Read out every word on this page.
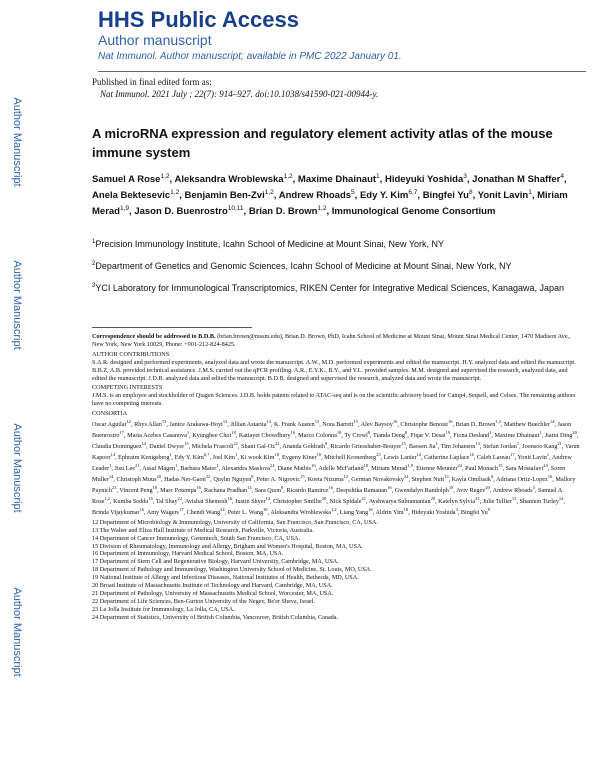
HHS Public Access
Author manuscript
Nat Immunol. Author manuscript; available in PMC 2022 January 01.
Author Manuscript
Author Manuscript
Author Manuscript
Author Manuscript
Published in final edited form as:
Nat Immunol. 2021 July ; 22(7): 914–927. doi:10.1038/s41590-021-00944-y.
A microRNA expression and regulatory element activity atlas of the mouse immune system
Samuel A Rose$^{1,2}$, Aleksandra Wroblewska$^{1,2}$, Maxime Dhainaut$^1$, Hideyuki Yoshida$^3$, Jonathan M Shaffer$^4$, Anela Bektesevic$^{1,2}$, Benjamin Ben-Zvi$^{1,2}$, Andrew Rhoads$^5$, Edy Y. Kim$^{6,7}$, Bingfei Yu$^8$, Yonit Lavin$^1$, Miriam Merad$^{1,9}$, Jason D. Buenrostro$^{10,11}$, Brian D. Brown$^{1,2}$, Immunological Genome Consortium
$^1$Precision Immunology Institute, Icahn School of Medicine at Mount Sinai, New York, NY
$^2$Department of Genetics and Genomic Sciences, Icahn School of Medicine at Mount Sinai, New York, NY
$^3$YCI Laboratory for Immunological Transcriptomics, RIKEN Center for Integrative Medical Sciences, Kanagawa, Japan

Correspondence should be addressed to B.D.B. (brian.brown@mssm.edu), Brian D. Brown, PhD, Icahn School of Medicine at Mount Sinai, Mount Sinai Medical Center, 1470 Madison Ave., New York, New York 10029, Phone: +001-212-824-8425.

AUTHOR CONTRIBUTIONS

S.A.R. designed and performed experiments, analyzed data and wrote the manuscript. A.W., M.D. performed experiments and edited the manuscript. H.Y. analyzed data and edited the manuscript. B.B.Z, A.B. provided technical assistance. J.M.S. carried out the qPCR profiling. A.R., E.Y.K., B.Y., and Y.L. provided samples. M.M. designed and supervised the research, analyzed data, and edited the manuscript. J.D.B. analyzed data and edited the manuscript. B.D.B. designed and supervised the research, analyzed data and wrote the manuscript.

COMPETING INTERESTS

J.M.S. is an employee and stockholder of Qiagen Sciences. J.D.B. holds patents related to ATAC-seq and is on the scientific advisory board for Camp4, Seqsell, and Celsee. The remaining authors have no competing interests.

CONSORTIA

Oscar Aguilar$^{12}$, Rhys Allan$^{13}$, Janice Arakawa-Hoyt$^{12}$, Jillian Astarita$^{14}$, K. Frank Austen$^{15}$, Nora Barrett$^{15}$, Alev Baysoy$^{16}$, Christophe Benoist$^{16}$, Brian D. Brown$^{1,2}$, Matthew Buechler$^{14}$, Jason Buenrostro$^{17}$, Maria Acebes Casanova$^1$, Kyunghee Choi$^{18}$, Kattayet Chowdhury$^{16}$, Marco Colonna$^{18}$, Ty Crowl$^8$, Tianda Deng$^8$, Fiqar V. Desai$^{19}$, Fiona Desland$^1$, Maxime Dhainaut$^1$, Jiarui Ding$^{20}$, Claudia Dominguez$^{14}$, Daniel Dwyer$^{15}$, Michela Frascoli$^{21}$, Shani Gal-Oz$^{22}$, Ananda Goldrath$^8$, Ricardo Griesshaber-Bouyer$^{15}$, Baosen Jia$^1$, Tim Johanson$^{13}$, Stefan Jordan$^1$, Joonsoo Kang$^{21}$, Varun Kapoor$^{14}$, Ephraim Kenigsberg$^1$, Edy Y. Kim$^{6,7}$, Joel Kim$^1$, Ki wook Kim$^{18}$, Evgeny Kiner$^{16}$, Mitchell Kronenberg$^{23}$, Lewis Lanier$^{12}$, Catherine Laplace$^{16}$, Caleb Lareau$^{17}$, Yonit Lavin$^1$, Andrew Leader$^1$, Jisu Lee$^{21}$, Assaf Magen$^1$, Barbara Maier$^1$, Alexandra Maslova$^{24}$, Diane Mathis$^{16}$, Adelle McFarland$^{18}$, Miriam Merad$^{1,9}$, Etienne Meunier$^{24}$, Paul Monach$^{15}$, Sara Mostafavi$^{24}$, Soren Muller$^{14}$, Christoph Muus$^{20}$, Hadas Ner-Gaon$^{22}$, Quyhn Nguyen$^8$, Peter A. Nigrovic$^{15}$, Koeta Nizuma$^{12}$, German Novakovsky$^{24}$, Stephen Nutt$^{13}$, Kayla Omilusik$^8$, Adriana Ortiz-Lopez$^{16}$, Mallory Paynich$^{23}$, Vincent Peng$^{18}$, Marc Potempa$^{16}$, Rachana Pradhan$^{14}$, Sara Quon$^8$, Ricardo Ramirez$^{16}$, Deepshika Ramanan$^{16}$, Gwendalyn Randolph$^{18}$, Aviv Regev$^{20}$, Andrew Rhoads$^5$, Samuel A. Rose$^{1,2}$, Kumba Seddu$^{16}$, Tal Shay$^{22}$, Avishai Shemesh$^{16}$, Justin Shyer$^{14}$, Christopher Smillie$^{20}$, Nick Spidale$^{21}$, Ayshwarya Subramanian$^{20}$, Katelyn Sylvia$^{21}$, Julie Tellier$^{13}$, Shannon Turley$^{14}$, Brinda Vijaykumar$^{16}$, Amy Wagers$^{17}$, Chendi Wang$^{24}$, Peter L. Wang$^{18}$, Aleksandra Wroblewska$^{1,2}$, Liang Yang$^{16}$, Aldrin Yim$^{18}$, Hideyuki Yoshida$^3$, Bingfei Yu$^8$

12 Department of Microbiology & Immunology, University of California, San Francisco, San Francisco, CA, USA.
13 The Walter and Eliza Hall Institute of Medical Research, Parkville, Victoria, Australia.
14 Department of Cancer Immunology, Genentech, South San Francisco, CA, USA.
15 Division of Rheumatology, Immunology and Allergy, Brigham and Women's Hospital, Boston, MA, USA.
16 Department of Immunology, Harvard Medical School, Boston, MA, USA.
17 Department of Stem Cell and Regenerative Biology, Harvard University, Cambridge, MA, USA.
18 Department of Pathology and Immunology, Washington University School of Medicine, St. Louis, MO, USA.
19 National Institute of Allergy and Infectious Diseases, National Institutes of Health, Bethesda, MD, USA.
20 Broad Institute of Massachusetts Institute of Technology and Harvard, Cambridge, MA, USA.
21 Department of Pathology, University of Massachusetts Medical School, Worcester, MA, USA.
22 Department of Life Sciences, Ben-Gurion University of the Negev, Be'er Sheva, Israel.
23 La Jolla Institute for Immunology, La Jolla, CA, USA.
24 Department of Statistics, University of British Columbia, Vancouver, British Columbia, Canada.
